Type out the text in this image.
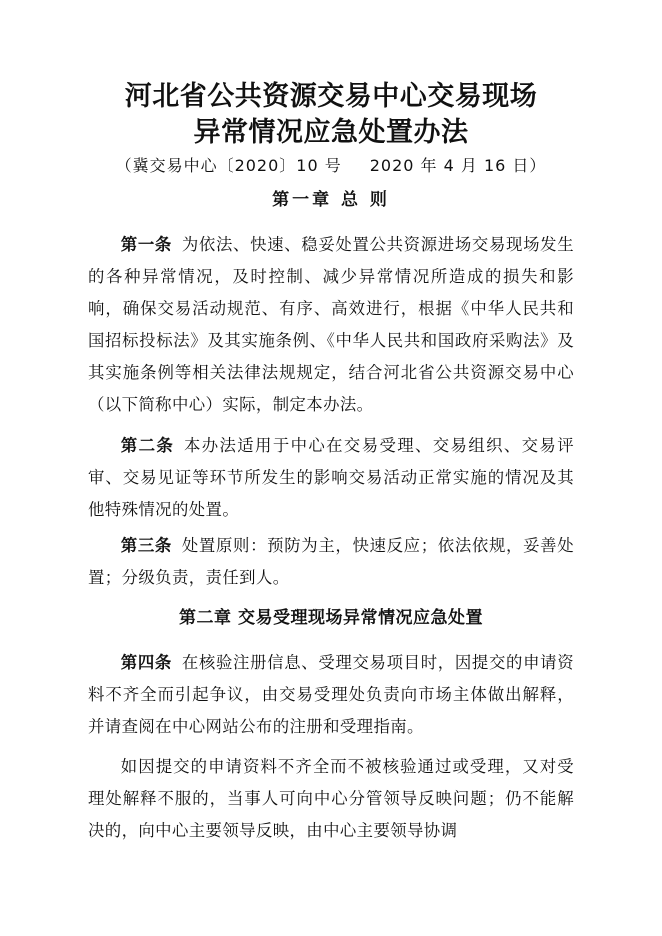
河北省公共资源交易中心交易现场
异常情况应急处置办法
（冀交易中心〔2020〕10 号 2020 年 4 月 16 日）
第一章 总 则

第一条 为依法、快速、稳妥处置公共资源进场交易现场发生的各种异常情况，及时控制、减少异常情况所造成的损失和影响，确保交易活动规范、有序、高效进行，根据《中华人民共和国招标投标法》及其实施条例、《中华人民共和国政府采购法》及其实施条例等相关法律法规规定，结合河北省公共资源交易中心（以下简称中心）实际，制定本办法。

第二条 本办法适用于中心在交易受理、交易组织、交易评审、交易见证等环节所发生的影响交易活动正常实施的情况及其他特殊情况的处置。

第三条 处置原则：预防为主，快速反应；依法依规，妥善处置；分级负责，责任到人。

第二章 交易受理现场异常情况应急处置

第四条 在核验注册信息、受理交易项目时，因提交的申请资料不齐全而引起争议，由交易受理处负责向市场主体做出解释，并请查阅在中心网站公布的注册和受理指南。

如因提交的申请资料不齐全而不被核验通过或受理，又对受理处解释不服的，当事人可向中心分管领导反映问题；仍不能解决的，向中心主要领导反映，由中心主要领导协调
